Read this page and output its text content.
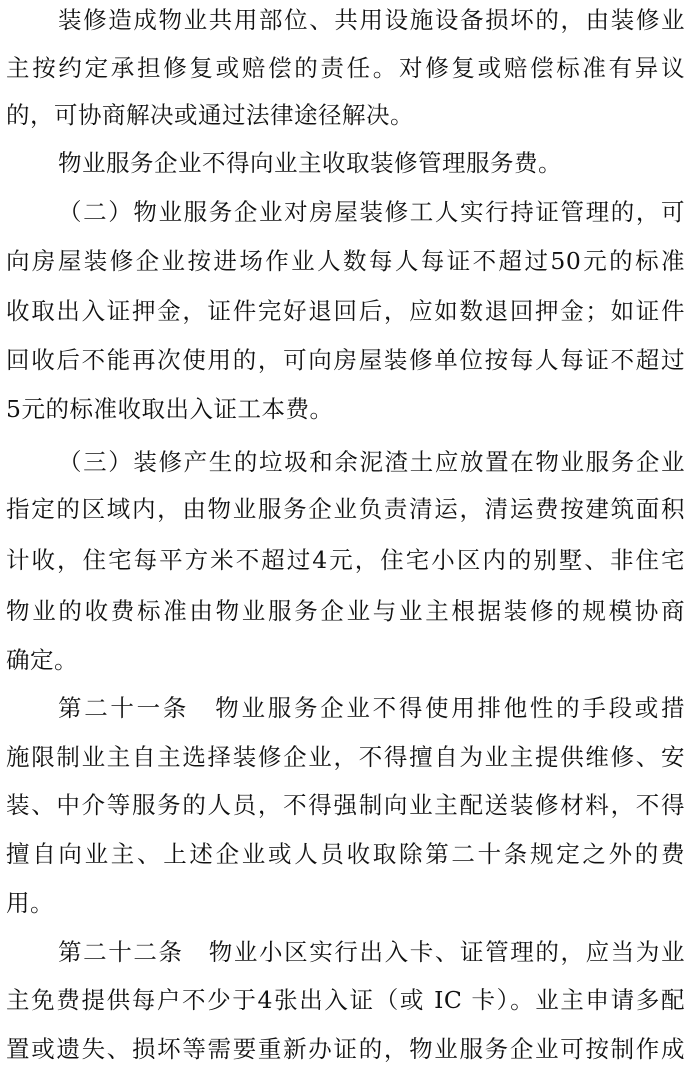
装修造成物业共用部位、共用设施设备损坏的，由装修业
主按约定承担修复或赔偿的责任。对修复或赔偿标准有异议
的，可协商解决或通过法律途径解决。
物业服务企业不得向业主收取装修管理服务费。
（二）物业服务企业对房屋装修工人实行持证管理的，可
向房屋装修企业按进场作业人数每人每证不超过50元的标准
收取出入证押金，证件完好退回后，应如数退回押金；如证件
回收后不能再次使用的，可向房屋装修单位按每人每证不超过
5元的标准收取出入证工本费。
（三）装修产生的垃圾和余泥渣土应放置在物业服务企业
指定的区域内，由物业服务企业负责清运，清运费按建筑面积
计收，住宅每平方米不超过4元，住宅小区内的别墅、非住宅
物业的收费标准由物业服务企业与业主根据装修的规模协商
确定。
第二十一条　物业服务企业不得使用排他性的手段或措
施限制业主自主选择装修企业，不得擅自为业主提供维修、安
装、中介等服务的人员，不得强制向业主配送装修材料，不得
擅自向业主、上述企业或人员收取除第二十条规定之外的费
用。
第二十二条　物业小区实行出入卡、证管理的，应当为业
主免费提供每户不少于4张出入证（或 IC 卡）。业主申请多配
置或遗失、损坏等需要重新办证的，物业服务企业可按制作成
